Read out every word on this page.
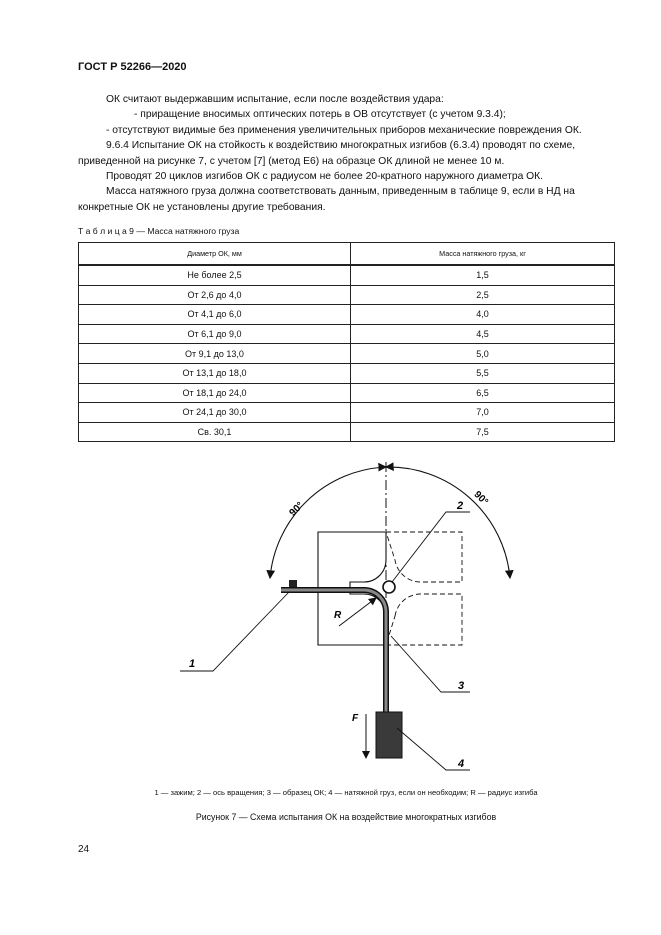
ГОСТ Р 52266—2020
ОК считают выдержавшим испытание, если после воздействия удара:
- приращение вносимых оптических потерь в ОВ отсутствует (с учетом 9.3.4);
- отсутствуют видимые без применения увеличительных приборов механические повреждения ОК.
9.6.4 Испытание ОК на стойкость к воздействию многократных изгибов (6.3.4) проводят по схеме, приведенной на рисунке 7, с учетом [7] (метод Е6) на образце ОК длиной не менее 10 м.
Проводят 20 циклов изгибов ОК с радиусом не более 20-кратного наружного диаметра ОК.
Масса натяжного груза должна соответствовать данным, приведенным в таблице 9, если в НД на конкретные ОК не установлены другие требования.
Т а б л и ц а 9 — Масса натяжного груза
Диаметр ОК, мм	Масса натяжного груза, кг
Не более 2,5	1,5
От 2,6 до 4,0	2,5
От 4,1 до 6,0	4,0
От 6,1 до 9,0	4,5
От 9,1 до 13,0	5,0
От 13,1 до 18,0	5,5
От 18,1 до 24,0	6,5
От 24,1 до 30,0	7,0
Св. 30,1	7,5
90°
90°
R
F
1
2
3
4
1 — зажим; 2 — ось вращения; 3 — образец ОК; 4 — натяжной груз, если он необходим; R — радиус изгиба
Рисунок 7 — Схема испытания ОК на воздействие многократных изгибов
24
